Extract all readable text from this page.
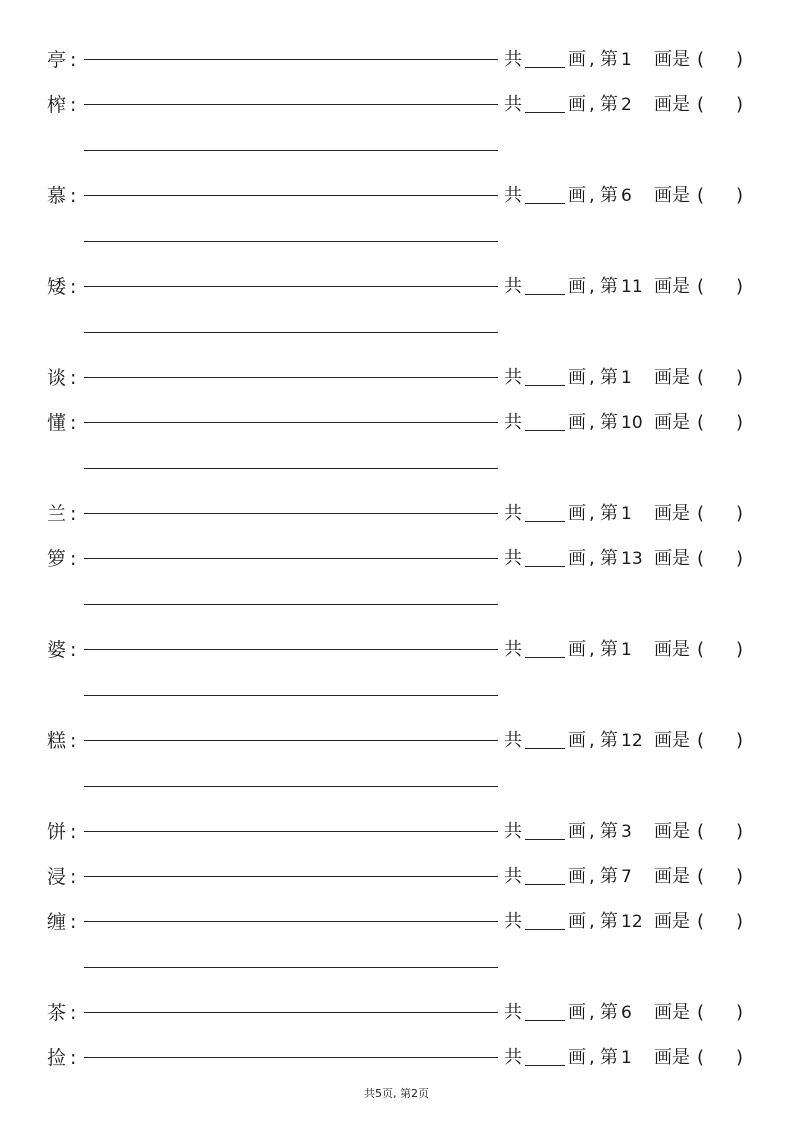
亭 :	共	画 , 第 1 画是 ( )
榨 :	共	画 , 第 2 画是 ( )
慕 :	共	画 , 第 6 画是 ( )
矮 :	共	画 , 第 11 画是 ( )
谈 :	共	画 , 第 1 画是 ( )
懂 :	共	画 , 第 10 画是 ( )
兰 :	共	画 , 第 1 画是 ( )
箩 :	共	画 , 第 13 画是 ( )
婆 :	共	画 , 第 1 画是 ( )
糕 :	共	画 , 第 12 画是 ( )
饼 :	共	画 , 第 3 画是 ( )
浸 :	共	画 , 第 7 画是 ( )
缠 :	共	画 , 第 12 画是 ( )
茶 :	共	画 , 第 6 画是 ( )
捡 :	共	画 , 第 1 画是 ( )
共5页, 第2页
